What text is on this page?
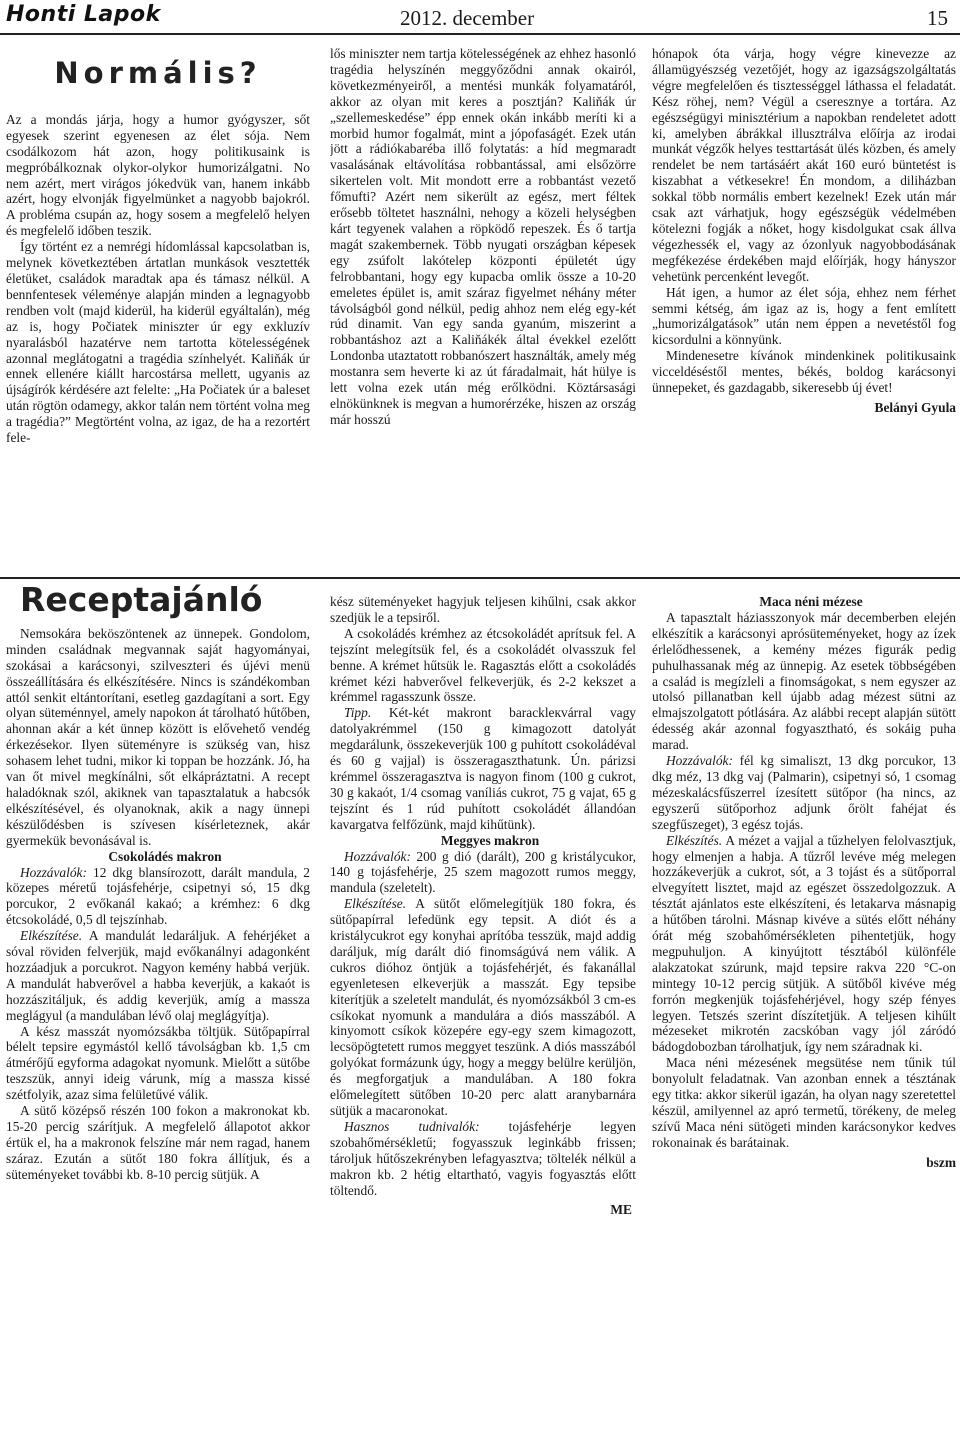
Honti Lapok	2012. december	15
Normális?

Az a mondás járja, hogy a humor gyógyszer, sőt egyesek szerint egyenesen az élet sója. Nem csodálkozom hát azon, hogy politikusaink is megpróbálkoznak olykor-olykor humorizálgatni. No nem azért, mert virágos jókedvük van, hanem inkább azért, hogy elvonják figyelmünket a nagyobb bajokról. A probléma csupán az, hogy sosem a megfelelő helyen és megfelelő időben teszik.

Így történt ez a nemrégi hídomlással kapcsolatban is, melynek következtében ártatlan munkások vesztették életüket, családok maradtak apa és támasz nélkül. A bennfentesek véleménye alapján minden a legnagyobb rendben volt (majd kiderül, ha kiderül egyáltalán), még az is, hogy Počiatek miniszter úr egy exkluzív nyaralásból hazatérve nem tartotta kötelességének azonnal meglátogatni a tragédia színhelyét. Kaliňák úr ennek ellenére kiállt harcostársa mellett, ugyanis az újságírók kérdésére azt felelte: „Ha Počiatek úr a baleset után rögtön odamegy, akkor talán nem történt volna meg a tragédia?” Megtörtént volna, az igaz, de ha a rezortért fele-

lős miniszter nem tartja kötelességének az ehhez hasonló tragédia helyszínén meggyőződni annak okairól, következményeiről, a mentési munkák folyamatáról, akkor az olyan mit keres a posztján? Kaliňák úr „szellemeskedése” épp ennek okán inkább meríti ki a morbid humor fogalmát, mint a jópofaságét. Ezek után jött a rádiókabaréba illő folytatás: a híd megmaradt vasalásának eltávolítása robbantással, ami elsőzörre sikertelen volt. Mit mondott erre a robbantást vezető főmufti? Azért nem sikerült az egész, mert féltek erősebb töltetet használni, nehogy a közeli helységben kárt tegyenek valahen a röpködő repeszek. És ő tartja magát szakembernek. Több nyugati országban képesek egy zsúfolt lakótelep központi épületét úgy felrobbantani, hogy egy kupacba omlik össze a 10-20 emeletes épület is, amit száraz figyelmet néhány méter távolságból gond nélkül, pedig ahhoz nem elég egy-két rúd dinamit. Van egy sanda gyanúm, miszerint a robbantáshoz azt a Kaliňákék által évekkel ezelőtt Londonba utaztatott robbanószert használták, amely még mostanra sem heverte ki az út fáradalmait, hát hülye is lett volna ezek után még erőlködni. Köztársasági elnökünknek is megvan a humorérzéke, hiszen az ország már hosszú

hónapok óta várja, hogy végre kinevezze az államügyészség vezetőjét, hogy az igazságszolgáltatás végre megfelelően és tisztességgel láthassa el feladatát. Kész röhej, nem? Végül a cseresznye a tortára. Az egészségügyi minisztérium a napokban rendeletet adott ki, amelyben ábrákkal illusztrálva előírja az irodai munkát végzők helyes testtartását ülés közben, és amely rendelet be nem tartásáért akát 160 euró büntetést is kiszabhat a vétkesekre! Én mondom, a diliházban sokkal több normális embert kezelnek! Ezek után már csak azt várhatjuk, hogy egészségük védelmében kötelezni fogják a nőket, hogy kisdolgukat csak állva végezhessék el, vagy az ózonlyuk nagyobbodásának megfékezése érdekében majd előírják, hogy hányszor vehetünk percenként levegőt.

Hát igen, a humor az élet sója, ehhez nem férhet semmi kétség, ám igaz az is, hogy a fent említett „humorizálgatások” után nem éppen a nevetéstől fog kicsordulni a könnyünk.

Mindenesetre kívánok mindenkinek politikusaink vicceldéséstől mentes, békés, boldog karácsonyi ünnepeket, és gazdagabb, sikeresebb új évet!

Belányi Gyula
Receptajánló

Nemsokára beköszöntenek az ünnepek. Gondolom, minden családnak megvannak saját hagyományai, szokásai a karácsonyi, szilveszteri és újévi menü összeállítására és elkészítésére. Nincs is szándékomban attól senkit eltántorítani, esetleg gazdagítani a sort. Egy olyan süteménnyel, amely napokon át tárolható hűtőben, ahonnan akár a két ünnep között is elővehető vendég érkezésekor. Ilyen süteményre is szükség van, hisz sohasem lehet tudni, mikor ki toppan be hozzánk. Jó, ha van őt mivel megkínálni, sőt elkápráztatni. A recept haladóknak szól, akiknek van tapasztalatuk a habcsók elkészítésével, és olyanoknak, akik a nagy ünnepi készülődésben is szívesen kísérleteznek, akár gyermekük bevonásával is.

Csokoládés makron

Hozzávalók: 12 dkg blansírozott, darált mandula, 2 közepes méretű tojásfehérje, csipetnyi só, 15 dkg porcukor, 2 evőkanál kakaó; a krémhez: 6 dkg étcsokoládé, 0,5 dl tejszínhab.

Elkészítése. A mandulát ledaráljuk. A fehérjéket a sóval röviden felverjük, majd evőkanálnyi adagonként hozzáadjuk a porcukrot. Nagyon kemény habbá verjük. A mandulát habverővel a habba keverjük, a kakaót is hozzászitáljuk, és addig keverjük, amíg a massza meglágyul (a mandulában lévő olaj meglágyítja).

A kész masszát nyomózsákba töltjük. Sütőpapírral bélelt tepsire egymástól kellő távolságban kb. 1,5 cm átmérőjű egyforma adagokat nyomunk. Mielőtt a sütőbe teszszük, annyi ideig várunk, míg a massza kissé szétfolyik, azaz sima felületűvé válik.

A sütő középső részén 100 fokon a makronokat kb. 15-20 percig szárítjuk. A megfelelő állapotot akkor értük el, ha a makronok felszíne már nem ragad, hanem száraz. Ezután a sütőt 180 fokra állítjuk, és a süteményeket további kb. 8-10 percig sütjük. A

kész süteményeket hagyjuk teljesen kihűlni, csak akkor szedjük le a tepsiről.

A csokoládés krémhez az étcsokoládét aprítsuk fel. A tejszínt melegítsük fel, és a csokoládét olvasszuk fel benne. A krémet hűtsük le. Ragasztás előtt a csokoládés krémet kézi habverővel felkeverjük, és 2-2 kekszet a krémmel ragasszunk össze.

Tipp. Két-két makront barackleкvárral vagy datolyakrémmel (150 g kimagozott datolyát megdarálunk, összekeverjük 100 g puhított csokoládéval és 60 g vajjal) is összeragaszthatunk. Ún. párizsi krémmel összeragasztva is nagyon finom (100 g cukrot, 30 g kakaót, 1/4 csomag vaníliás cukrot, 75 g vajat, 65 g tejszínt és 1 rúd puhított csokoládét állandóan kavargatva felfőzünk, majd kihűtünk).

Meggyes makron

Hozzávalók: 200 g dió (darált), 200 g kristálycukor, 140 g tojásfehérje, 25 szem magozott rumos meggy, mandula (szeletelt).

Elkészítése. A sütőt előmelegítjük 180 fokra, és sütőpapírral lefedünk egy tepsit. A diót és a kristálycukrot egy konyhai aprítóba tesszük, majd addig daráljuk, míg darált dió finomságúvá nem válik. A cukros dióhoz öntjük a tojásfehérjét, és fakanállal egyenletesen elkeverjük a masszát. Egy tepsibe kiterítjük a szeletelt mandulát, és nyomózsákból 3 cm-es csíkokat nyomunk a mandulára a diós masszából. A kinyomott csíkok közepére egy-egy szem kimagozott, lecsöpögtetett rumos meggyet teszünk. A diós masszából golyókat formázunk úgy, hogy a meggy belülre kerüljön, és megforgatjuk a mandulában. A 180 fokra előmelegített sütőben 10-20 perc alatt aranybarnára sütjük a macaronokat.

Hasznos tudnivalók: tojásfehérje legyen szobahőmérsékletű; fogyasszuk leginkább frissen; tároljuk hűtőszekrényben lefagyasztva; töltelék nélkül a makron kb. 2 hétig eltartható, vagyis fogyasztás előtt töltendő.

ME

Maca néni mézese

A tapasztalt háziasszonyok már decemberben elején elkészítik a karácsonyi aprósüteményeket, hogy az ízek érlelődhessenek, a kemény mézes figurák pedig puhulhassanak még az ünnepig. Az esetek többségében a család is megízleli a finomságokat, s nem egyszer az utolsó pillanatban kell újabb adag mézest sütni az elmajszolgatott pótlására. Az alábbi recept alapján sütött édesség akár azonnal fogyasztható, és sokáig puha marad.

Hozzávalók: fél kg simaliszt, 13 dkg porcukor, 13 dkg méz, 13 dkg vaj (Palmarin), csipetnyi só, 1 csomag mézeskalácsfűszerrel ízesített sütőpor (ha nincs, az egyszerű sütőporhoz adjunk őrölt fahéjat és szegfűszeget), 3 egész tojás.

Elkészítés. A mézet a vajjal a tűzhelyen felolvasztjuk, hogy elmenjen a habja. A tűzről levéve még melegen hozzákeverjük a cukrot, sót, a 3 tojást és a sütőporral elvegyített lisztet, majd az egészet összedolgozzuk. A tésztát ajánlatos este elkészíteni, és letakarva másnapig a hűtőben tárolni. Másnap kivéve a sütés előtt néhány órát még szobahőmérsékleten pihentetjük, hogy megpuhuljon. A kinyújtott tésztából különféle alakzatokat szúrunk, majd tepsire rakva 220 °C-on mintegy 10-12 percig sütjük. A sütőből kivéve még forrón megkenjük tojásfehérjével, hogy szép fényes legyen. Tetszés szerint díszítetjük. A teljesen kihűlt mézeseket mikrotén zacskóban vagy jól záródó bádogdobozban tárolhatjuk, így nem száradnak ki.

Maca néni mézesének megsütése nem tűnik túl bonyolult feladatnak. Van azonban ennek a tésztának egy titka: akkor sikerül igazán, ha olyan nagy szeretettel készül, amilyennel az apró termetű, törékeny, de meleg szívű Maca néni sütögeti minden karácsonykor kedves rokonainak és barátainak.

bszm
